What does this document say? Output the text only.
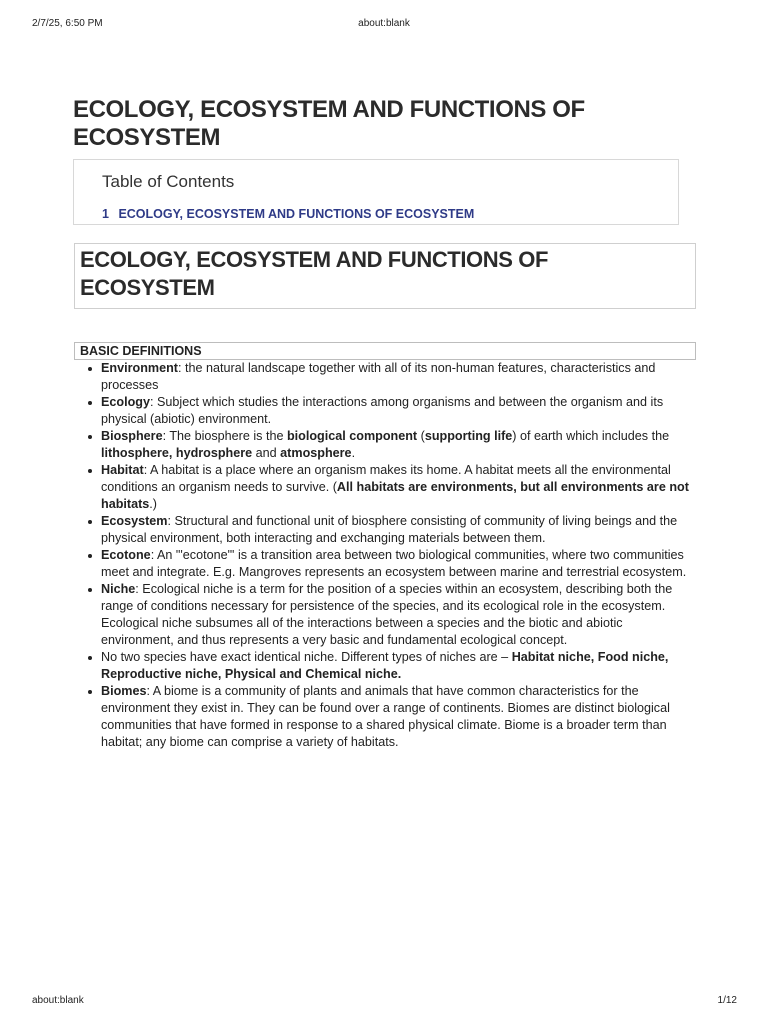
2/7/25, 6:50 PM	about:blank
ECOLOGY, ECOSYSTEM AND FUNCTIONS OF ECOSYSTEM
Table of Contents
1 ECOLOGY, ECOSYSTEM AND FUNCTIONS OF ECOSYSTEM
ECOLOGY, ECOSYSTEM AND FUNCTIONS OF ECOSYSTEM
BASIC DEFINITIONS
Environment: the natural landscape together with all of its non-human features, characteristics and processes
Ecology: Subject which studies the interactions among organisms and between the organism and its physical (abiotic) environment.
Biosphere: The biosphere is the biological component (supporting life) of earth which includes the lithosphere, hydrosphere and atmosphere.
Habitat: A habitat is a place where an organism makes its home. A habitat meets all the environmental conditions an organism needs to survive. (All habitats are environments, but all environments are not habitats.)
Ecosystem: Structural and functional unit of biosphere consisting of community of living beings and the physical environment, both interacting and exchanging materials between them.
Ecotone: An "'ecotone"' is a transition area between two biological communities, where two communities meet and integrate. E.g. Mangroves represents an ecosystem between marine and terrestrial ecosystem.
Niche: Ecological niche is a term for the position of a species within an ecosystem, describing both the range of conditions necessary for persistence of the species, and its ecological role in the ecosystem. Ecological niche subsumes all of the interactions between a species and the biotic and abiotic environment, and thus represents a very basic and fundamental ecological concept.
No two species have exact identical niche. Different types of niches are – Habitat niche, Food niche, Reproductive niche, Physical and Chemical niche.
Biomes: A biome is a community of plants and animals that have common characteristics for the environment they exist in. They can be found over a range of continents. Biomes are distinct biological communities that have formed in response to a shared physical climate. Biome is a broader term than habitat; any biome can comprise a variety of habitats.
about:blank	1/12
